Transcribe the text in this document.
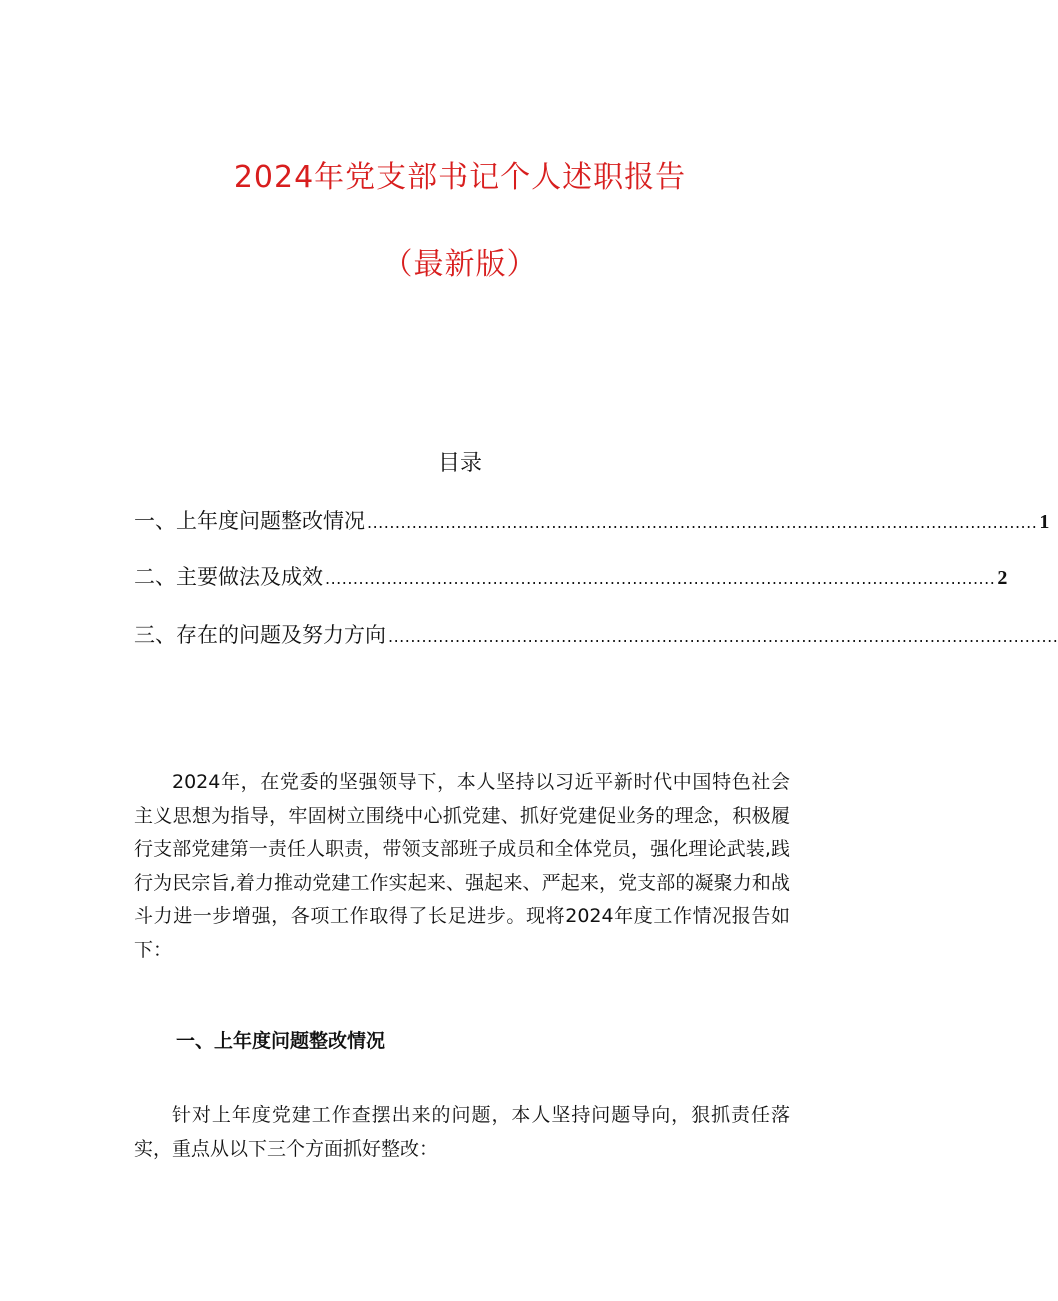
2024年党支部书记个人述职报告
（最新版）
目录
一、上年度问题整改情况 ........................................................................................................................ 1
二、主要做法及成效 ........................................................................................................................ 2
三、存在的问题及努力方向 ........................................................................................................................

2024年，在党委的坚强领导下，本人坚持以习近平新时代中国特色社会主义思想为指导，牢固树立围绕中心抓党建、抓好党建促业务的理念，积极履行支部党建第一责任人职责，带领支部班子成员和全体党员，强化理论武装,践行为民宗旨,着力推动党建工作实起来、强起来、严起来，党支部的凝聚力和战斗力进一步增强，各项工作取得了长足进步。现将2024年度工作情况报告如下：

一、上年度问题整改情况

针对上年度党建工作查摆出来的问题，本人坚持问题导向，狠抓责任落实，重点从以下三个方面抓好整改：
